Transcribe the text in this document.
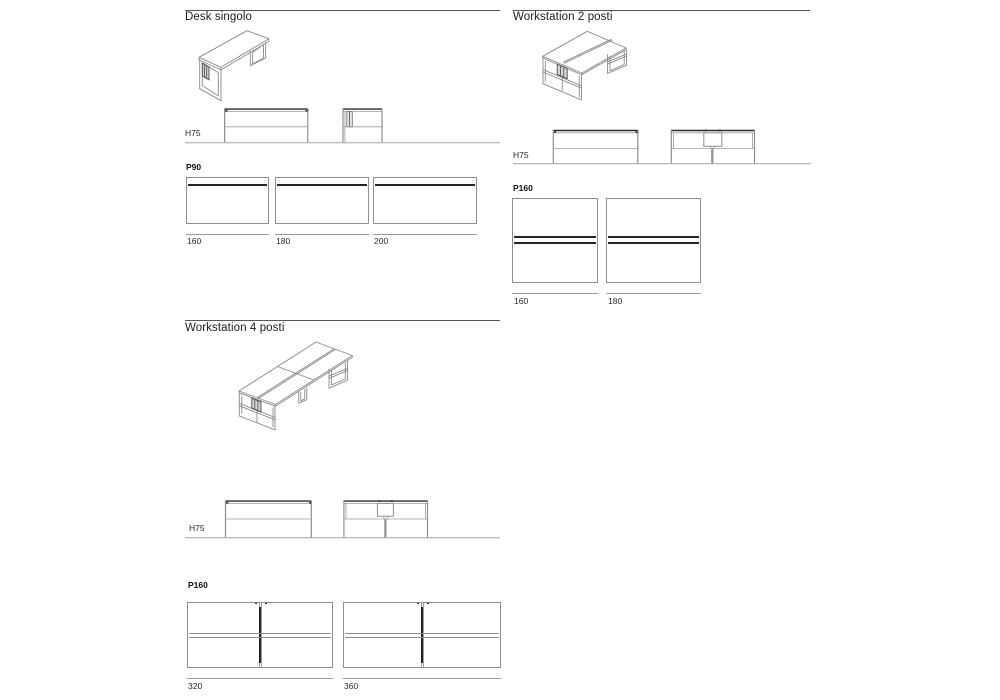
Desk singolo
H75
P90
160	180	200
Workstation 2 posti
H75
P160
160	180
Workstation 4 posti
H75
P160
320	360
